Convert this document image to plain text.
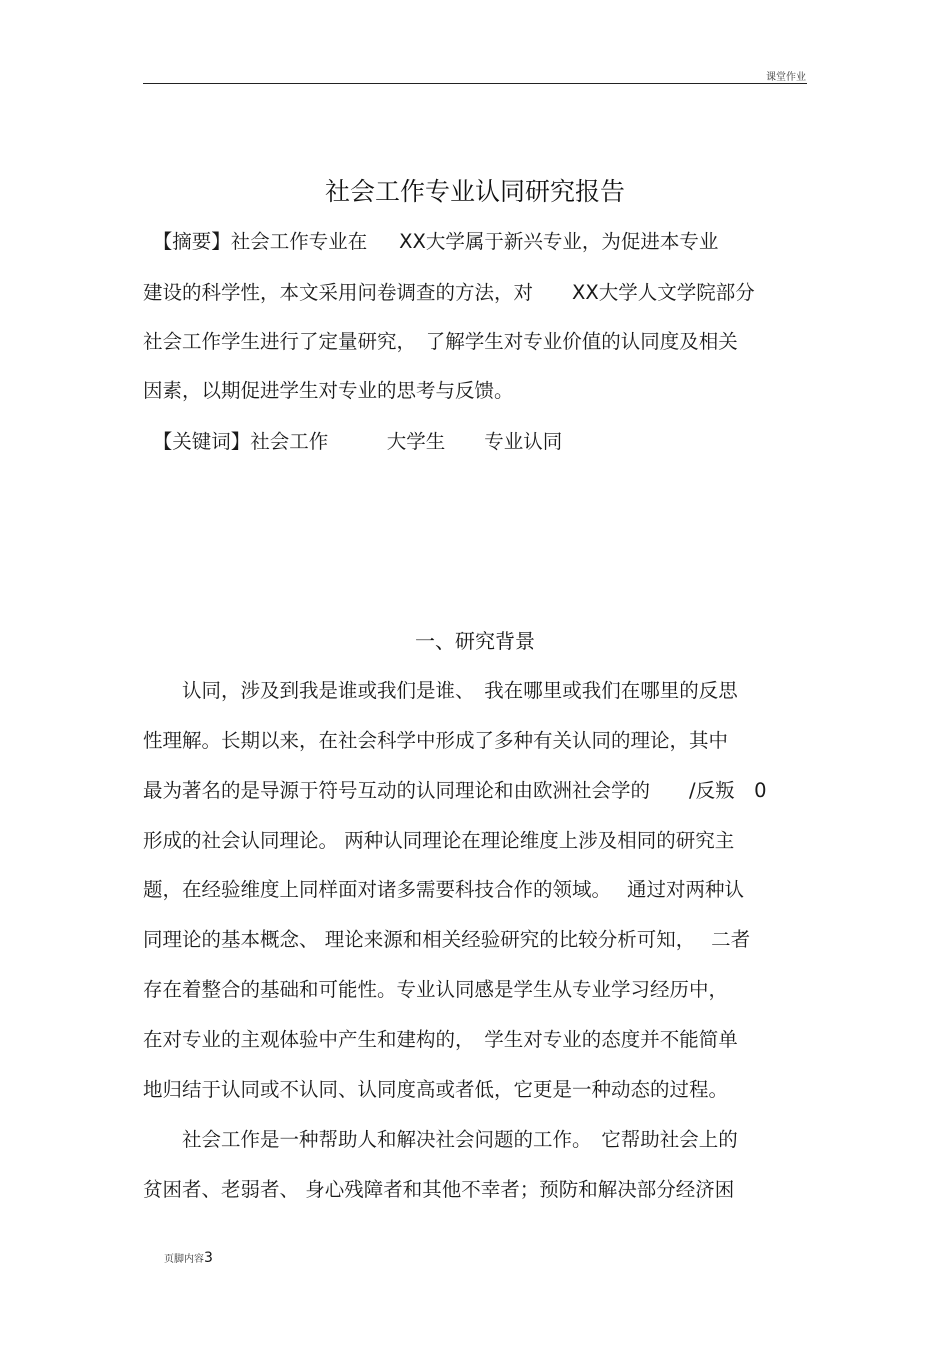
课堂作业
社会工作专业认同研究报告
　【摘要】社会工作专业在　  XX大学属于新兴专业，为促进本专业
建设的科学性，本文采用问卷调查的方法，对　　XX大学人文学院部分
社会工作学生进行了定量研究，　了解学生对专业价值的认同度及相关
因素，以期促进学生对专业的思考与反馈。
　【关键词】社会工作　　　大学生　　专业认同
一、研究背景
　　认同，涉及到我是谁或我们是谁、　我在哪里或我们在哪里的反思
性理解。长期以来，在社会科学中形成了多种有关认同的理论，其中
最为著名的是导源于符号互动的认同理论和由欧洲社会学的　　/反叛　0
形成的社会认同理论。 两种认同理论在理论维度上涉及相同的研究主
题，在经验维度上同样面对诸多需要科技合作的领域。　 通过对两种认
同理论的基本概念、 理论来源和相关经验研究的比较分析可知，　 二者
存在着整合的基础和可能性。专业认同感是学生从专业学习经历中，
在对专业的主观体验中产生和建构的，　学生对专业的态度并不能简单
地归结于认同或不认同、认同度高或者低，它更是一种动态的过程。
　　社会工作是一种帮助人和解决社会问题的工作。　它帮助社会上的
贫困者、老弱者、 身心残障者和其他不幸者；预防和解决部分经济困
页脚内容3
